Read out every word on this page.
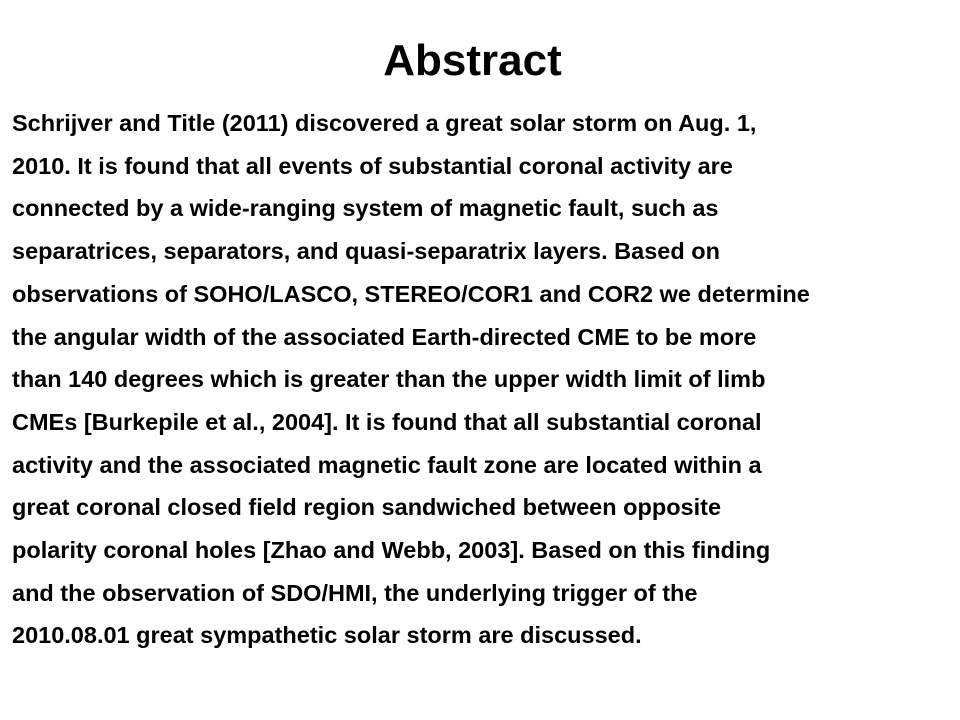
Abstract
Schrijver and Title (2011) discovered a great solar storm on Aug. 1,
2010. It is found that all events of substantial coronal activity are
connected by a wide-ranging system of magnetic fault, such as
separatrices, separators, and quasi-separatrix layers. Based on
observations of SOHO/LASCO, STEREO/COR1 and COR2 we determine
the angular width of the associated Earth-directed CME to be more
than 140 degrees which is greater than the upper width limit of limb
CMEs [Burkepile et al., 2004]. It is found that all substantial coronal
activity and the associated magnetic fault zone are located within a
great coronal closed field region sandwiched between opposite
polarity coronal holes [Zhao and Webb, 2003]. Based on this finding
and the observation of SDO/HMI, the underlying trigger of the
2010.08.01 great sympathetic solar storm are discussed.
